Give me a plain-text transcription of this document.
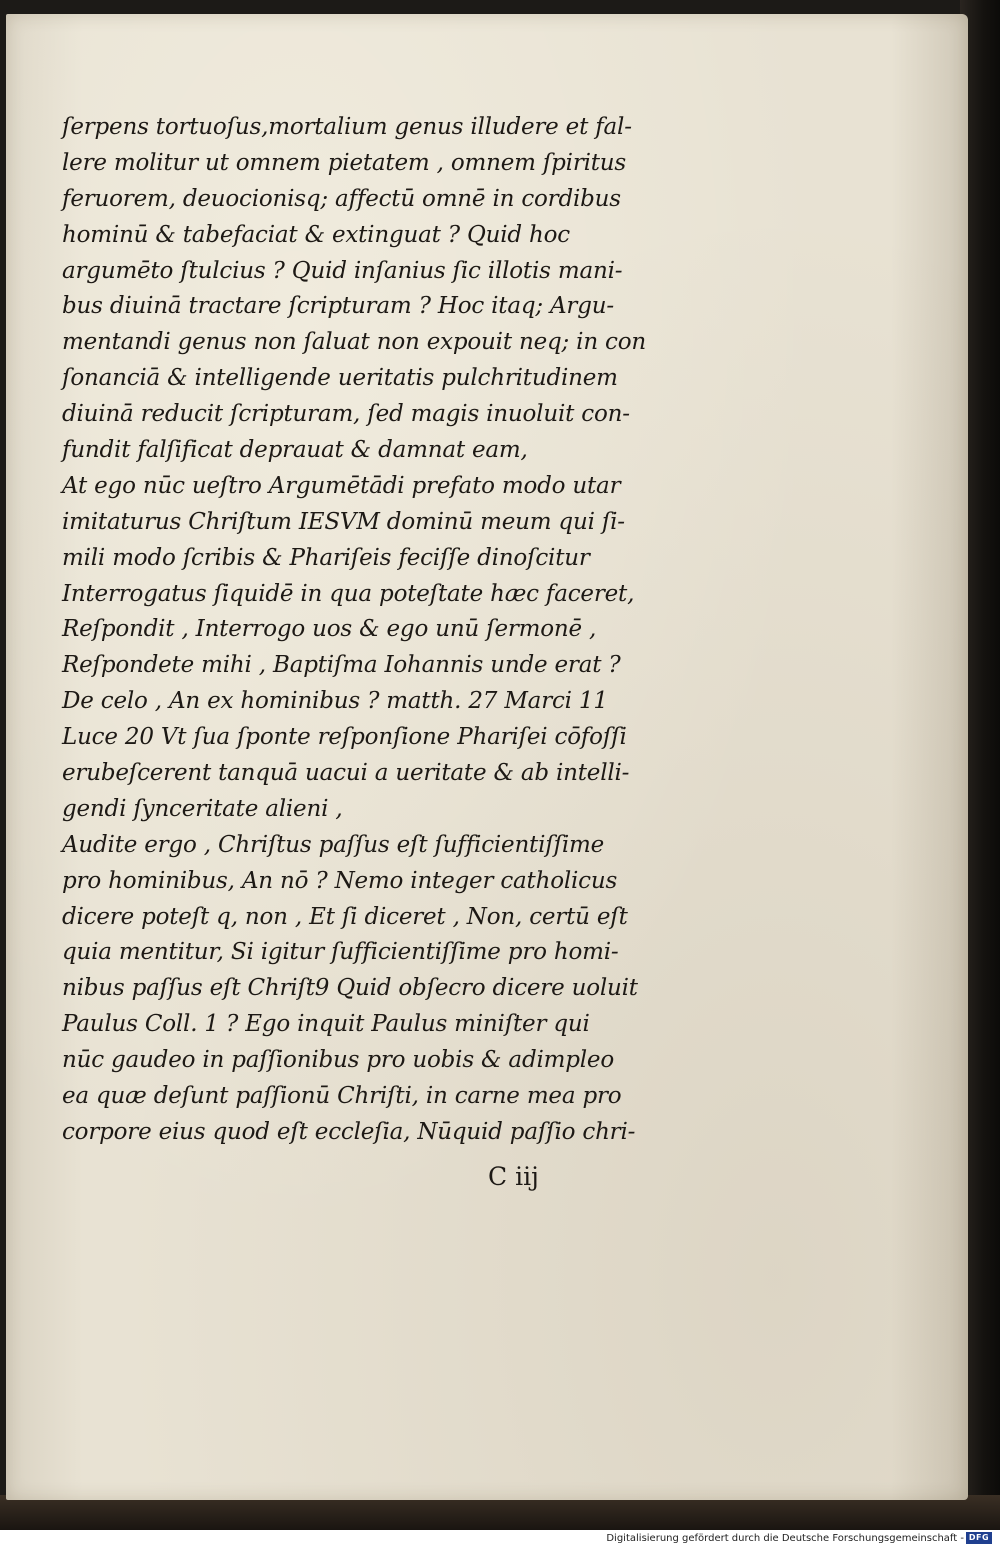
ſerpens tortuoſus,mortalium genus illudere et fal-
lere molitur ut omnem pietatem , omnem ſpiritus
feruorem, deuocionisq; affectū omnē in cordibus
hominū & tabefaciat & extinguat ? Quid hoc
argumēto ſtulcius ? Quid inſanius ſic illotis mani-
bus diuinā tractare ſcripturam ? Hoc itaq; Argu-
mentandi genus non ſaluat non expouit neq; in con
ſonanciā & intelligende ueritatis pulchritudinem
diuinā reducit ſcripturam, ſed magis inuoluit con-
fundit falſificat deprauat & damnat eam,
At ego nūc ueſtro Argumētādi prefato modo utar
imitaturus Chriſtum IESVM dominū meum qui ſi-
mili modo ſcribis & Phariſeis feciſſe dinoſcitur
Interrogatus ſiquidē in qua poteſtate hæc faceret,
Reſpondit , Interrogo uos & ego unū ſermonē ,
Reſpondete mihi , Baptiſma Iohannis unde erat ?
De celo , An ex hominibus ? matth. 27 Marci 11
Luce 20 Vt ſua ſponte reſponſione Phariſei cōfoſſi
erubeſcerent tanquā uacui a ueritate & ab intelli-
gendi ſynceritate alieni ,
Audite ergo , Chriſtus paſſus eſt ſufficientiſſime
pro hominibus, An nō ? Nemo integer catholicus
dicere poteſt q, non , Et ſi diceret , Non, certū eſt
quia mentitur, Si igitur ſufficientiſſime pro homi-
nibus paſſus eſt Chriſt9 Quid obſecro dicere uoluit
Paulus Coll. 1 ? Ego inquit Paulus miniſter qui
nūc gaudeo in paſſionibus pro uobis & adimpleo
ea quæ deſunt paſſionū Chriſti, in carne mea pro
corpore eius quod eſt eccleſia, Nūquid paſſio chri-
C iij
Digitalisierung gefördert durch die Deutsche Forschungsgemeinschaft - DFG
